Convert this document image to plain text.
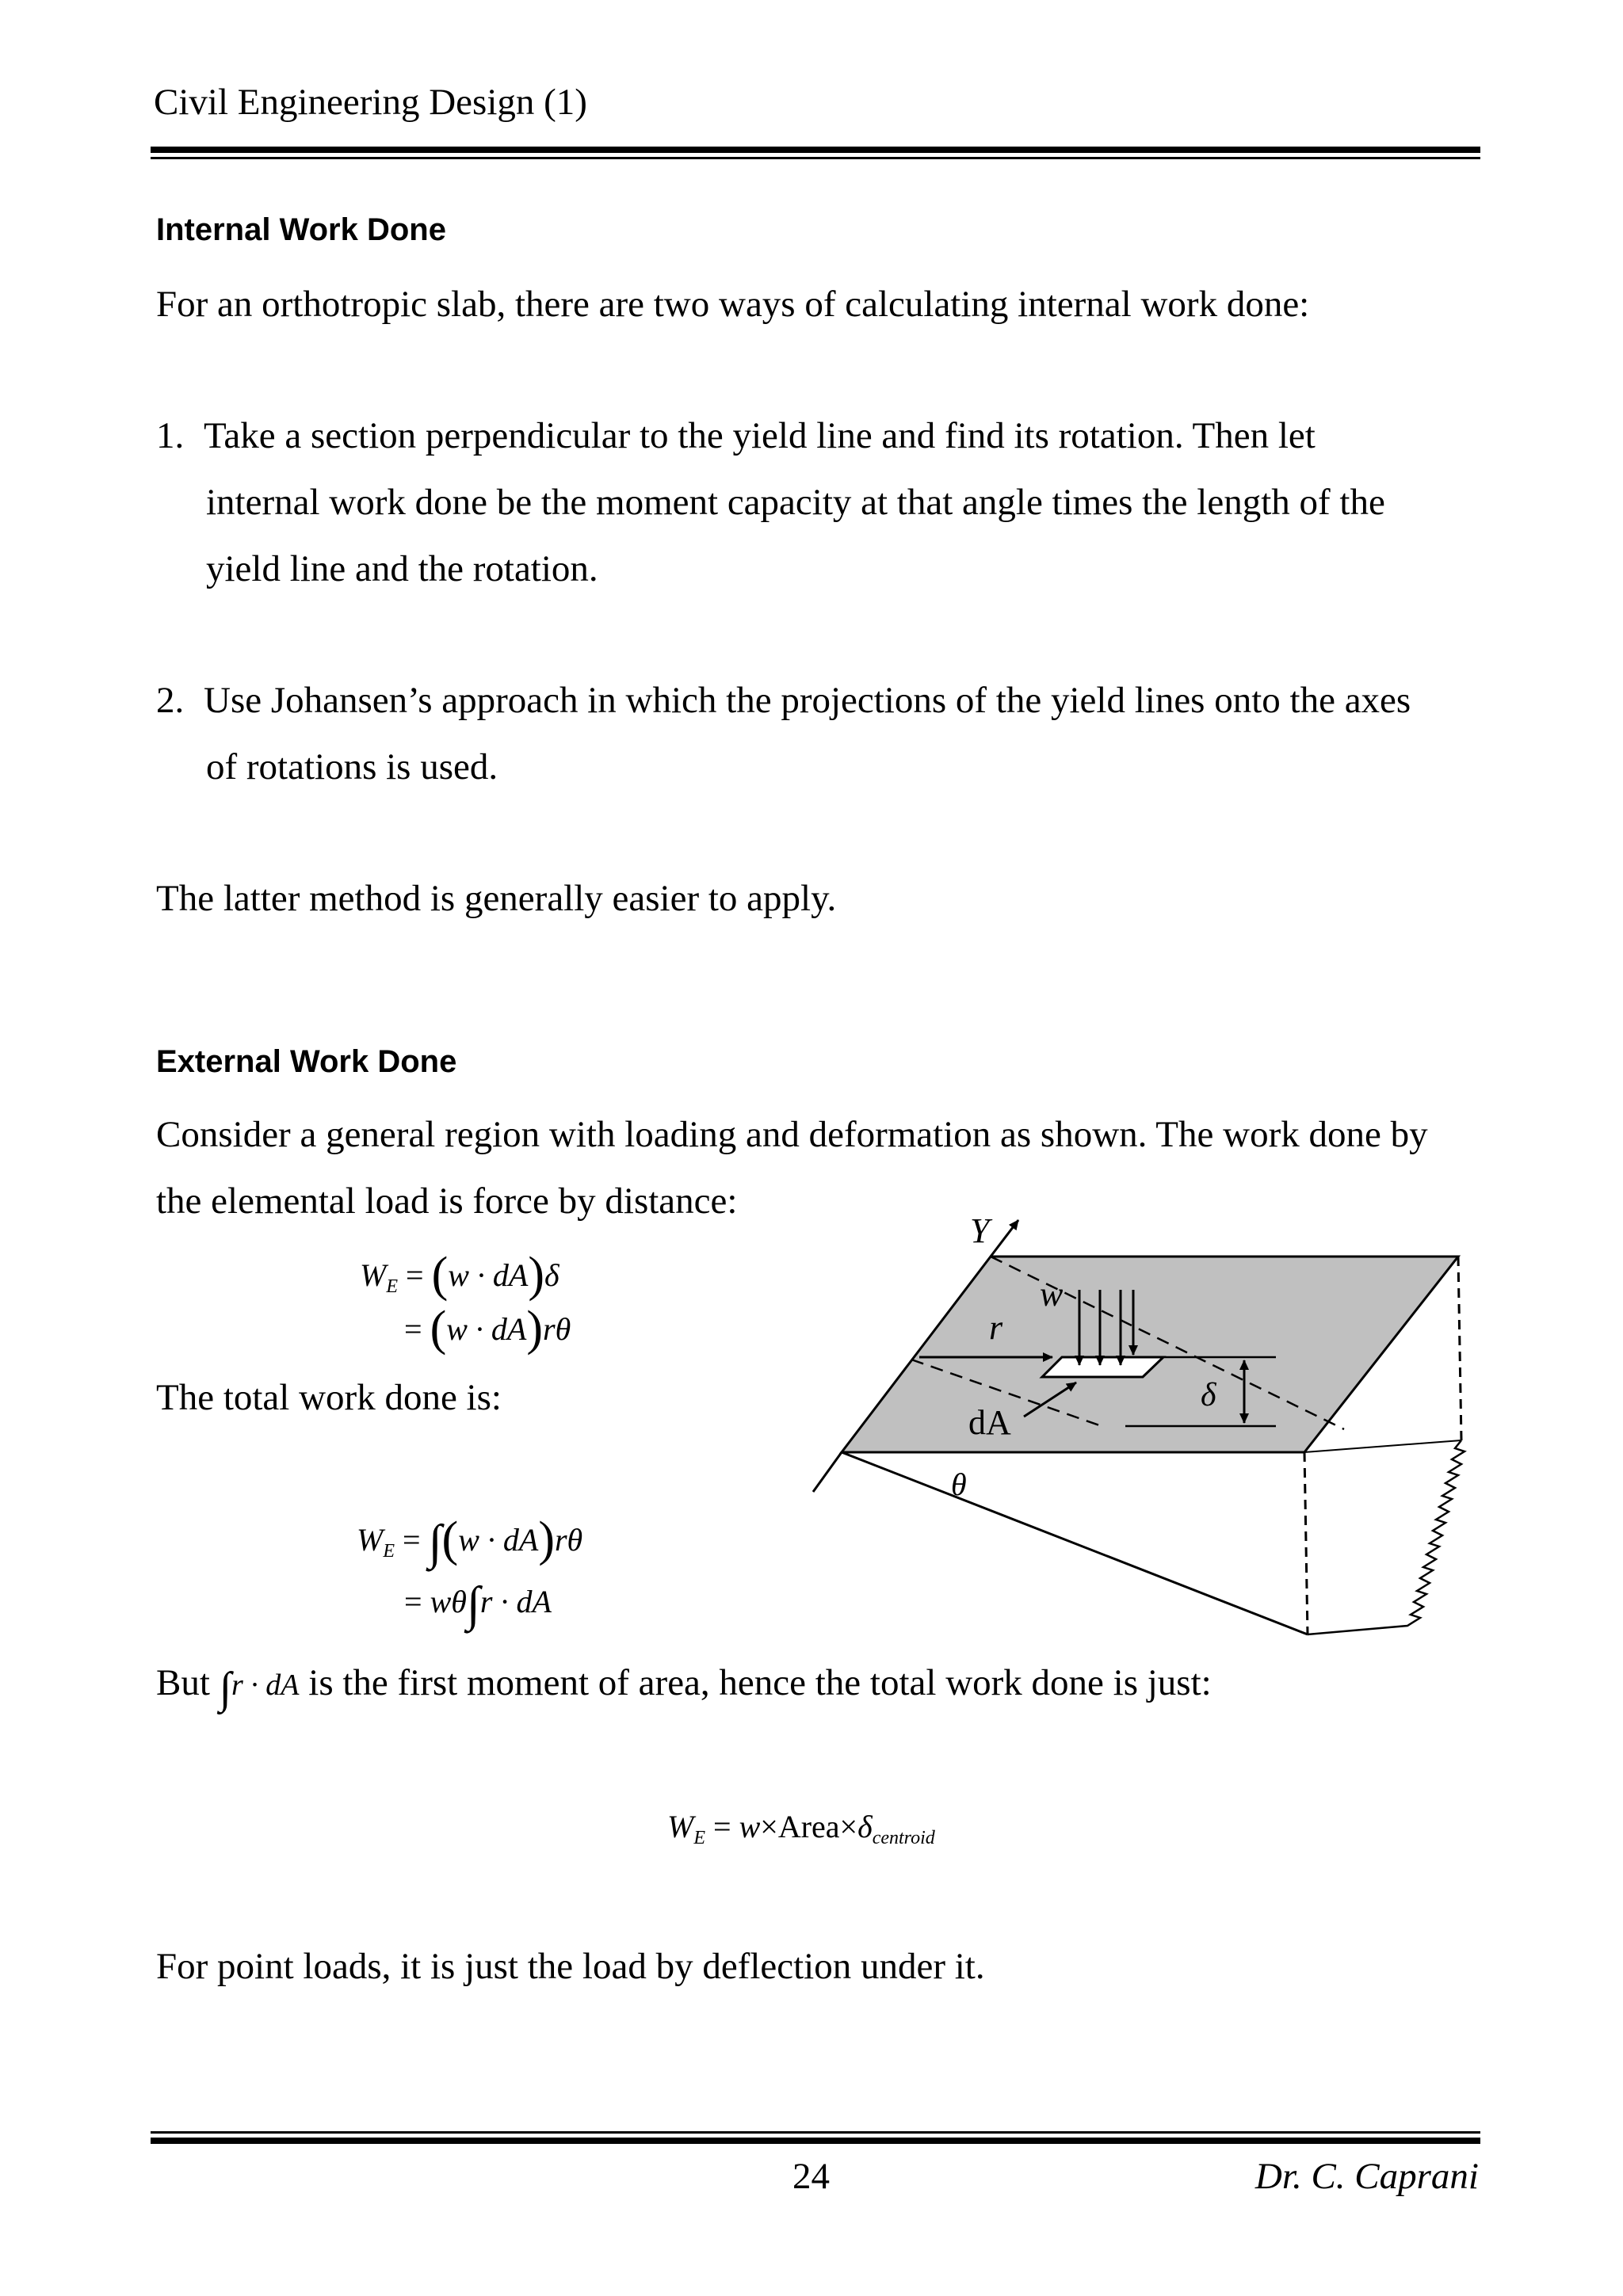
Civil Engineering Design (1)
Internal Work Done
For an orthotropic slab, there are two ways of calculating internal work done:
1. Take a section perpendicular to the yield line and find its rotation. Then let
internal work done be the moment capacity at that angle times the length of the
yield line and the rotation.
2. Use Johansen’s approach in which the projections of the yield lines onto the axes
of rotations is used.
The latter method is generally easier to apply.
External Work Done
Consider a general region with loading and deformation as shown. The work done by
the elemental load is force by distance:
$W_E = (w \cdot dA)\delta$
= (w · dA)rθ
The total work done is:
$W_E = \int(w \cdot dA)r\theta$
= wθ∫r · dA
But ∫r · dA is the first moment of area, hence the total work done is just:
$W_E$ = $w\times Area\times\delta_{centroid}$
For point loads, it is just the load by deflection under it.
Y
w
r
dA
δ
θ
24	Dr. C. Caprani
